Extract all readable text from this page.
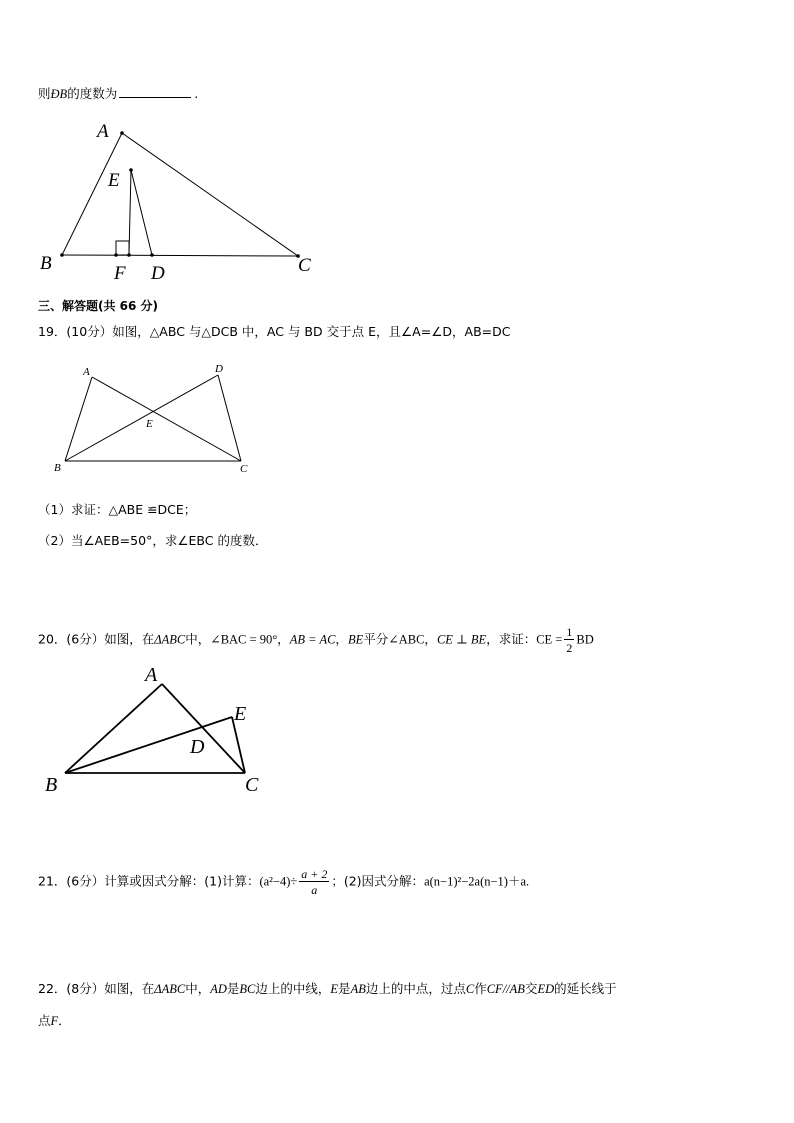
则ÐB的度数为	.
A
E
B	F D	C
三、解答题(共 66 分)
19．(10分）如图，△ABC 与△DCB 中，AC 与 BD 交于点 E，且∠A=∠D，AB=DC
A	D
E
B	C
（1）求证：△ABE ≌DCE；
（2）当∠AEB=50°，求∠EBC 的度数．
20．(6分）如图，在ΔABC中，∠BAC = 90°，AB = AC，BE平分∠ABC，CE ⊥ BE，求证：CE = $\frac{1}{2}$ BD
A
E
D
B	C
21．(6分）计算或因式分解：(1)计算：$(a^2-4)\div \frac{a + 2}{a}$ ；(2)因式分解：a(n−1)²−2a(n−1)＋a.
22．(8分）如图，在ΔABC中，AD是BC边上的中线，E是AB边上的中点，过点C作CF//AB交ED的延长线于
点F．
